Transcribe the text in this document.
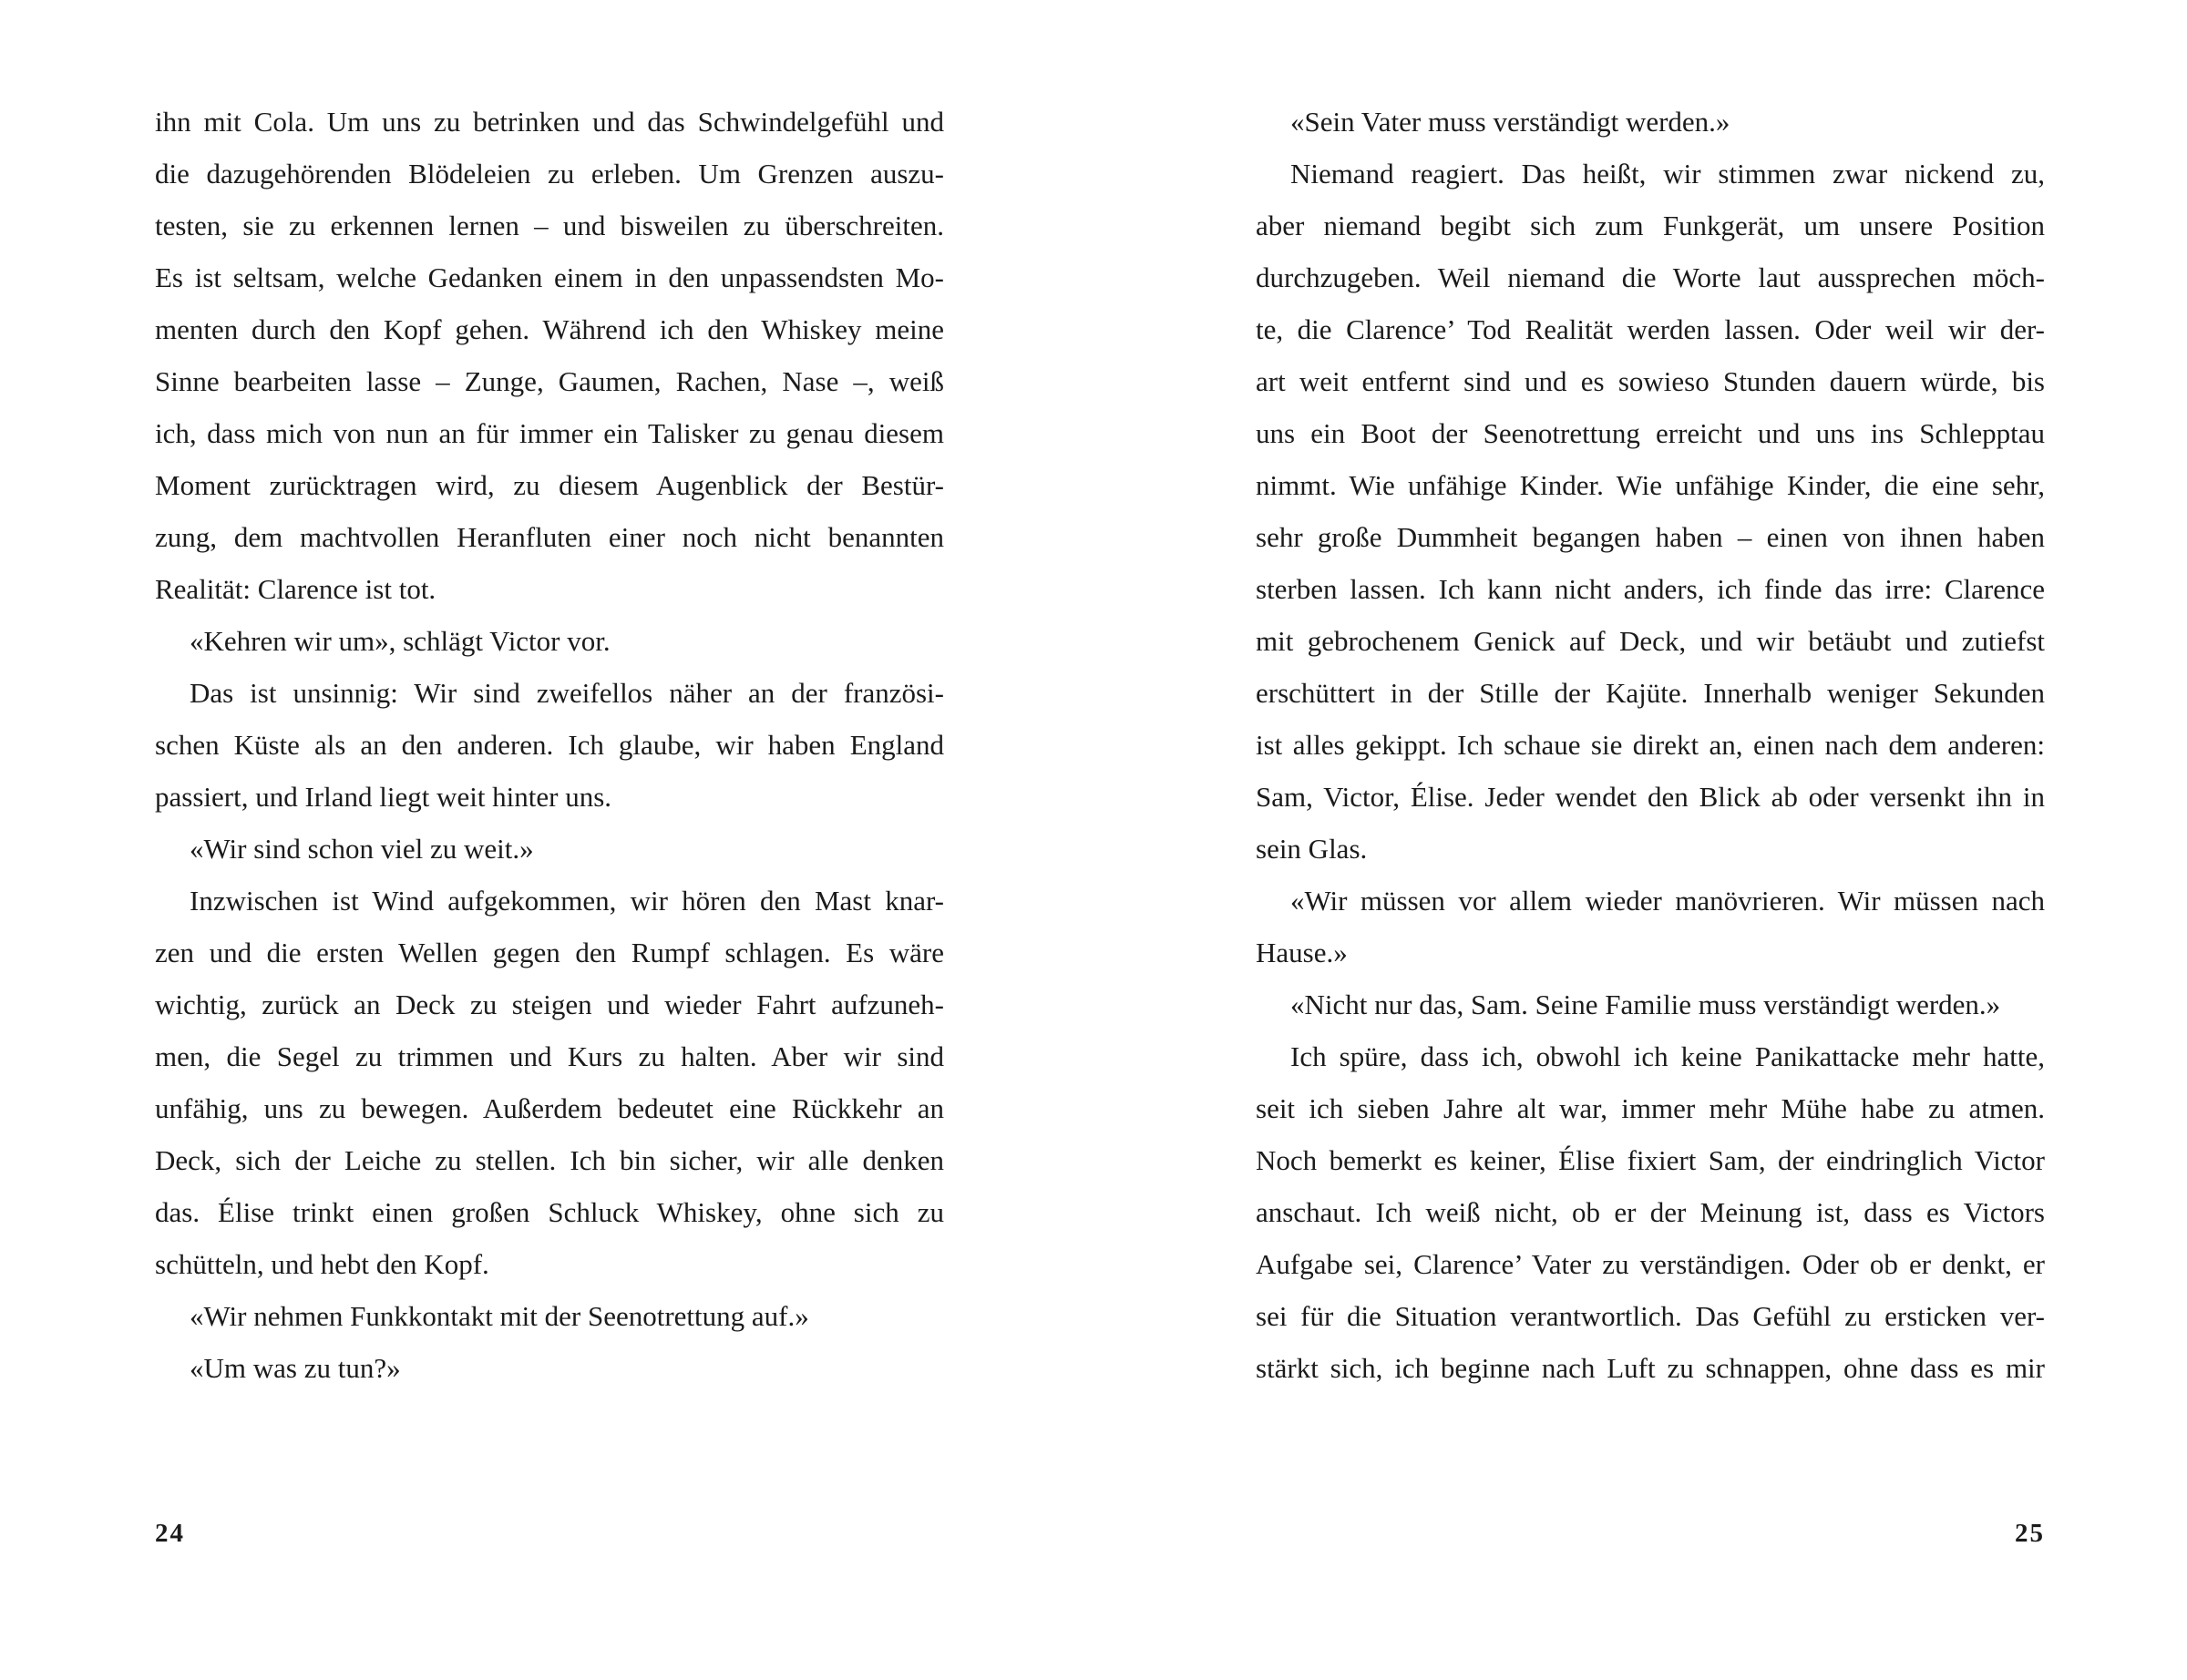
ihn mit Cola. Um uns zu betrinken und das Schwindelgefühl und
die dazugehörenden Blödeleien zu erleben. Um Grenzen auszu-
testen, sie zu erkennen lernen – und bisweilen zu überschreiten.
Es ist seltsam, welche Gedanken einem in den unpassendsten Mo-
menten durch den Kopf gehen. Während ich den Whiskey meine
Sinne bearbeiten lasse – Zunge, Gaumen, Rachen, Nase –, weiß
ich, dass mich von nun an für immer ein Talisker zu genau diesem
Moment zurücktragen wird, zu diesem Augenblick der Bestür-
zung, dem machtvollen Heranfluten einer noch nicht benannten
Realität: Clarence ist tot.
«Kehren wir um», schlägt Victor vor.
Das ist unsinnig: Wir sind zweifellos näher an der französi-
schen Küste als an den anderen. Ich glaube, wir haben England
passiert, und Irland liegt weit hinter uns.
«Wir sind schon viel zu weit.»
Inzwischen ist Wind aufgekommen, wir hören den Mast knar-
zen und die ersten Wellen gegen den Rumpf schlagen. Es wäre
wichtig, zurück an Deck zu steigen und wieder Fahrt aufzuneh-
men, die Segel zu trimmen und Kurs zu halten. Aber wir sind
unfähig, uns zu bewegen. Außerdem bedeutet eine Rückkehr an
Deck, sich der Leiche zu stellen. Ich bin sicher, wir alle denken
das. Élise trinkt einen großen Schluck Whiskey, ohne sich zu
schütteln, und hebt den Kopf.
«Wir nehmen Funkkontakt mit der Seenotrettung auf.»
«Um was zu tun?»
24
«Sein Vater muss verständigt werden.»
Niemand reagiert. Das heißt, wir stimmen zwar nickend zu,
aber niemand begibt sich zum Funkgerät, um unsere Position
durchzugeben. Weil niemand die Worte laut aussprechen möch-
te, die Clarence’ Tod Realität werden lassen. Oder weil wir der-
art weit entfernt sind und es sowieso Stunden dauern würde, bis
uns ein Boot der Seenotrettung erreicht und uns ins Schlepptau
nimmt. Wie unfähige Kinder. Wie unfähige Kinder, die eine sehr,
sehr große Dummheit begangen haben – einen von ihnen haben
sterben lassen. Ich kann nicht anders, ich finde das irre: Clarence
mit gebrochenem Genick auf Deck, und wir betäubt und zutiefst
erschüttert in der Stille der Kajüte. Innerhalb weniger Sekunden
ist alles gekippt. Ich schaue sie direkt an, einen nach dem anderen:
Sam, Victor, Élise. Jeder wendet den Blick ab oder versenkt ihn in
sein Glas.
«Wir müssen vor allem wieder manövrieren. Wir müssen nach
Hause.»
«Nicht nur das, Sam. Seine Familie muss verständigt werden.»
Ich spüre, dass ich, obwohl ich keine Panikattacke mehr hatte,
seit ich sieben Jahre alt war, immer mehr Mühe habe zu atmen.
Noch bemerkt es keiner, Élise fixiert Sam, der eindringlich Victor
anschaut. Ich weiß nicht, ob er der Meinung ist, dass es Victors
Aufgabe sei, Clarence’ Vater zu verständigen. Oder ob er denkt, er
sei für die Situation verantwortlich. Das Gefühl zu ersticken ver-
stärkt sich, ich beginne nach Luft zu schnappen, ohne dass es mir
25
